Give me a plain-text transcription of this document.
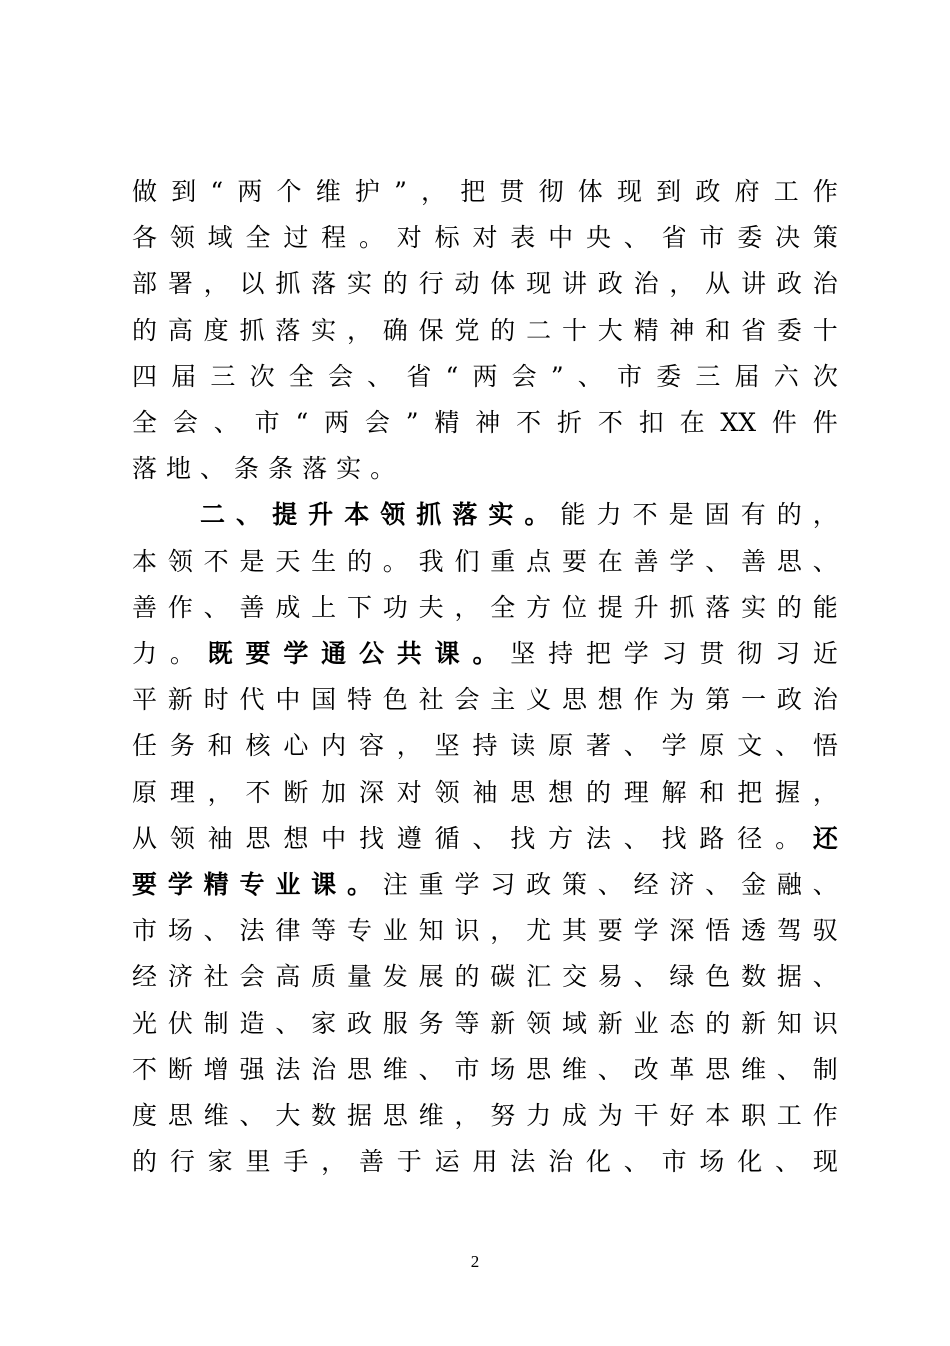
做 到 “ 两 个 维 护 ” ， 把 贯 彻 体 现 到 政 府 工 作
各 领 域 全 过 程 。 对 标 对 表 中 央 、 省 市 委 决 策
部 署 ， 以 抓 落 实 的 行 动 体 现 讲 政 治 ， 从 讲 政 治
的 高 度 抓 落 实 ， 确 保 党 的 二 十 大 精 神 和 省 委 十
四 届 三 次 全 会 、 省 “ 两 会 ” 、 市 委 三 届 六 次
全 会 、 市 “ 两 会 ” 精 神 不 折 不 扣 在 XX 件 件
落 地 、 条 条 落 实 。
二 、 提 升 本 领 抓 落 实 。 能 力 不 是 固 有 的 ，
本 领 不 是 天 生 的 。 我 们 重 点 要 在 善 学 、 善 思 、
善 作 、 善 成 上 下 功 夫 ， 全 方 位 提 升 抓 落 实 的 能
力 。 既 要 学 通 公 共 课 。 坚 持 把 学 习 贯 彻 习 近
平 新 时 代 中 国 特 色 社 会 主 义 思 想 作 为 第 一 政 治
任 务 和 核 心 内 容 ， 坚 持 读 原 著 、 学 原 文 、 悟
原 理 ， 不 断 加 深 对 领 袖 思 想 的 理 解 和 把 握 ，
从 领 袖 思 想 中 找 遵 循 、 找 方 法 、 找 路 径 。 还
要 学 精 专 业 课 。 注 重 学 习 政 策 、 经 济 、 金 融 、
市 场 、 法 律 等 专 业 知 识 ， 尤 其 要 学 深 悟 透 驾 驭
经 济 社 会 高 质 量 发 展 的 碳 汇 交 易 、 绿 色 数 据 、
光 伏 制 造 、 家 政 服 务 等 新 领 域 新 业 态 的 新 知 识
不 断 增 强 法 治 思 维 、 市 场 思 维 、 改 革 思 维 、 制
度 思 维 、 大 数 据 思 维 ， 努 力 成 为 干 好 本 职 工 作
的 行 家 里 手 ， 善 于 运 用 法 治 化 、 市 场 化 、 现
2
